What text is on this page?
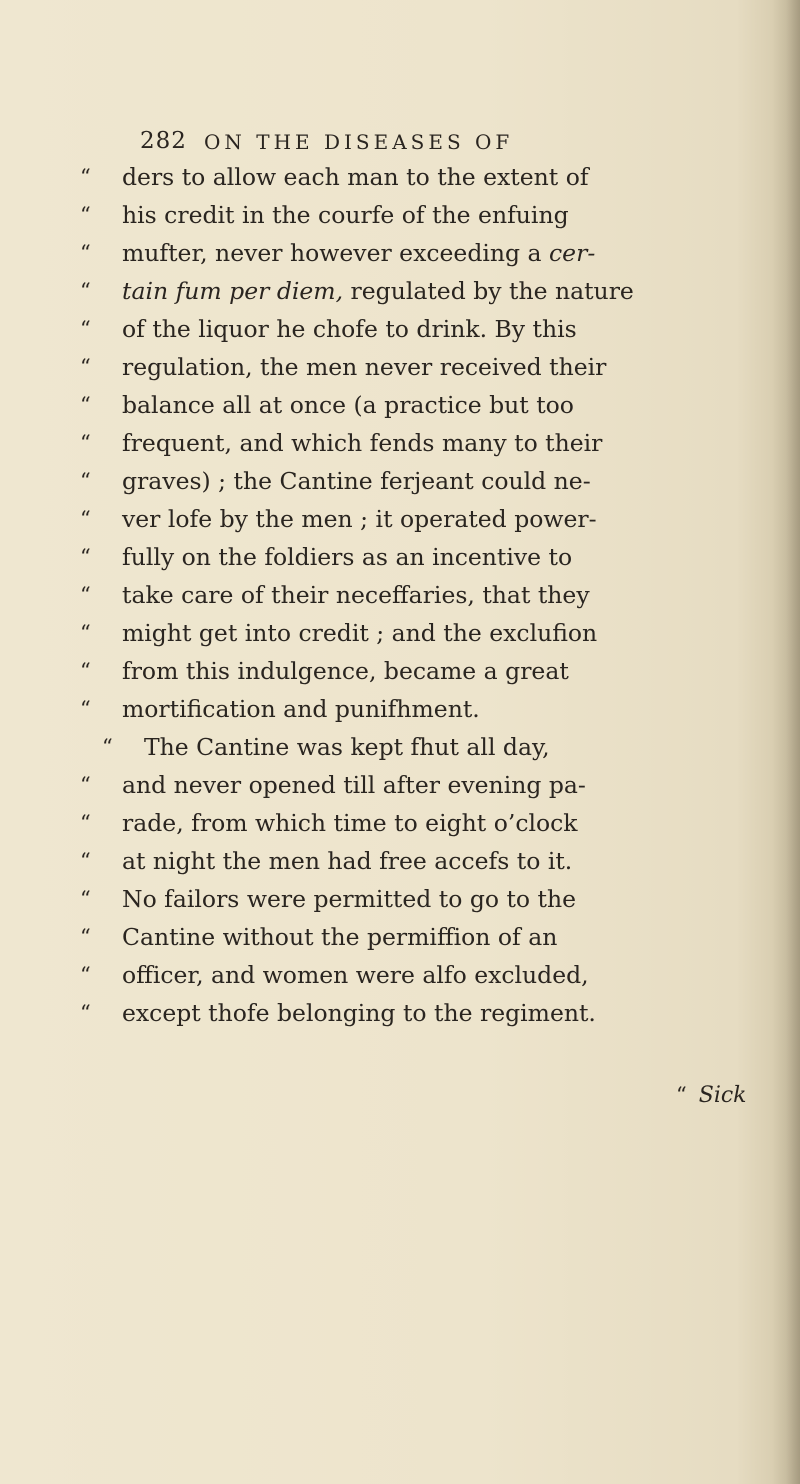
282 ON THE DISEASES OF
“	ders to allow each man to the extent of
“	his credit in the courfe of the enfuing
“	mufter, never however exceeding a cer-
“	tain fum per diem, regulated by the nature
“	of the liquor he chofe to drink. By this
“	regulation, the men never received their
“	balance all at once (a practice but too
“	frequent, and which fends many to their
“	graves) ; the Cantine ferjeant could ne-
“	ver lofe by the men ; it operated power-
“	fully on the foldiers as an incentive to
“	take care of their neceffaries, that they
“	might get into credit ; and the exclufion
“	from this indulgence, became a great
“	mortification and punifhment.
“	The Cantine was kept fhut all day,
“	and never opened till after evening pa-
“	rade, from which time to eight o’clock
“	at night the men had free accefs to it.
“	No failors were permitted to go to the
“	Cantine without the permiffion of an
“	officer, and women were alfo excluded,
“	except thofe belonging to the regiment.
“ Sick
